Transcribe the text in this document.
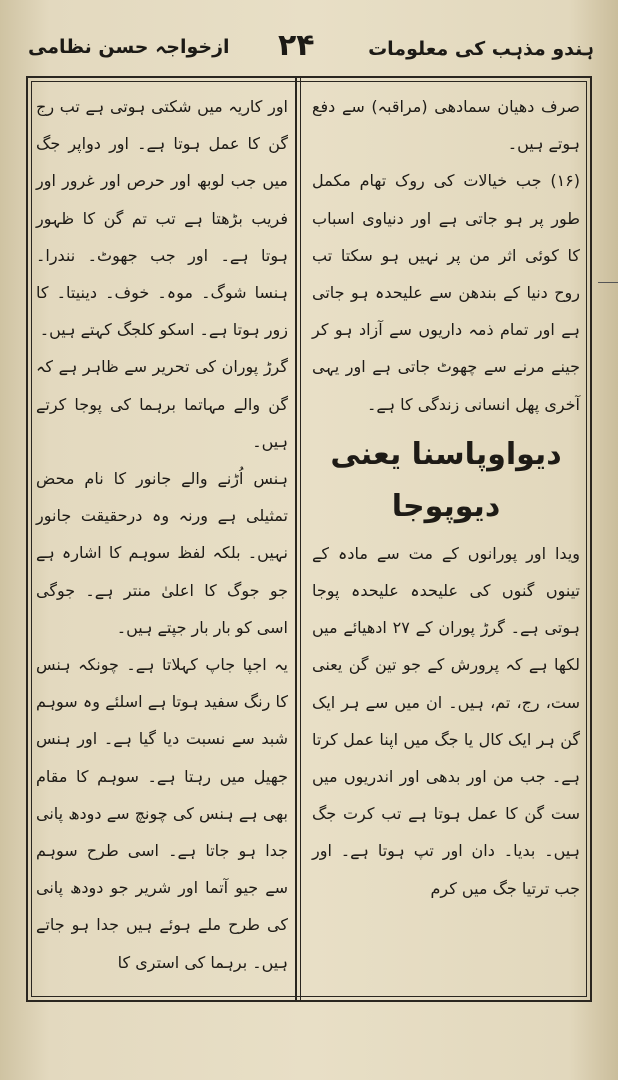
ہندو مذہب کی معلومات
۲۴
ازخواجہ حسن نظامی

صرف دھیان سمادھی (مراقبہ) سے دفع ہوتے ہیں۔

(۱۶) جب خیالات کی روک تھام مکمل طور پر ہو جاتی ہے اور دنیاوی اسباب کا کوئی اثر من پر نہیں ہو سکتا تب روح دنیا کے بندھن سے علیحدہ ہو جاتی ہے اور تمام ذمہ داریوں سے آزاد ہو کر جینے مرنے سے چھوٹ جاتی ہے اور یہی آخری پھل انسانی زندگی کا ہے۔

دیواوپاسنا یعنی دیوپوجا

ویدا اور پورانوں کے مت سے مادہ کے تینوں گنوں کی علیحدہ علیحدہ پوجا ہوتی ہے۔ گرڑ پوران کے ۲۷ ادھیائے میں لکھا ہے کہ پرورش کے جو تین گن یعنی ست، رج، تم، ہیں۔ ان میں سے ہر ایک گن ہر ایک کال یا جگ میں اپنا عمل کرتا ہے۔ جب من اور بدھی اور اندریوں میں ست گن کا عمل ہوتا ہے تب کرت جگ ہیں۔ بدیا۔ دان اور تپ ہوتا ہے۔ اور جب ترتیا جگ میں کرم

اور کاریہ میں شکتی ہوتی ہے تب رج گن کا عمل ہوتا ہے۔ اور دواپر جگ میں جب لوبھ اور حرص اور غرور اور فریب بڑھتا ہے تب تم گن کا ظہور ہوتا ہے۔ اور جب جھوٹ۔ نندرا۔ ہنسا شوگ۔ موہ۔ خوف۔ دینیتا۔ کا زور ہوتا ہے۔ اسکو کلجگ کہتے ہیں۔

گرڑ پوران کی تحریر سے ظاہر ہے کہ گن والے مہاتما برہما کی پوجا کرتے ہیں۔

ہنس اُڑنے والے جانور کا نام محض تمثیلی ہے ورنہ وہ درحقیقت جانور نہیں۔ بلکہ لفظ سوہم کا اشارہ ہے جو جوگ کا اعلیٰ منتر ہے۔ جوگی اسی کو بار بار جپتے ہیں۔

یہ اجپا جاپ کہلاتا ہے۔ چونکہ ہنس کا رنگ سفید ہوتا ہے اسلئے وہ سوہم شبد سے نسبت دیا گیا ہے۔ اور ہنس جھیل میں رہتا ہے۔ سوہم کا مقام بھی ہے ہنس کی چونچ سے دودھ پانی جدا ہو جاتا ہے۔ اسی طرح سوہم سے جیو آتما اور شریر جو دودھ پانی کی طرح ملے ہوئے ہیں جدا ہو جاتے ہیں۔ برہما کی استری کا
